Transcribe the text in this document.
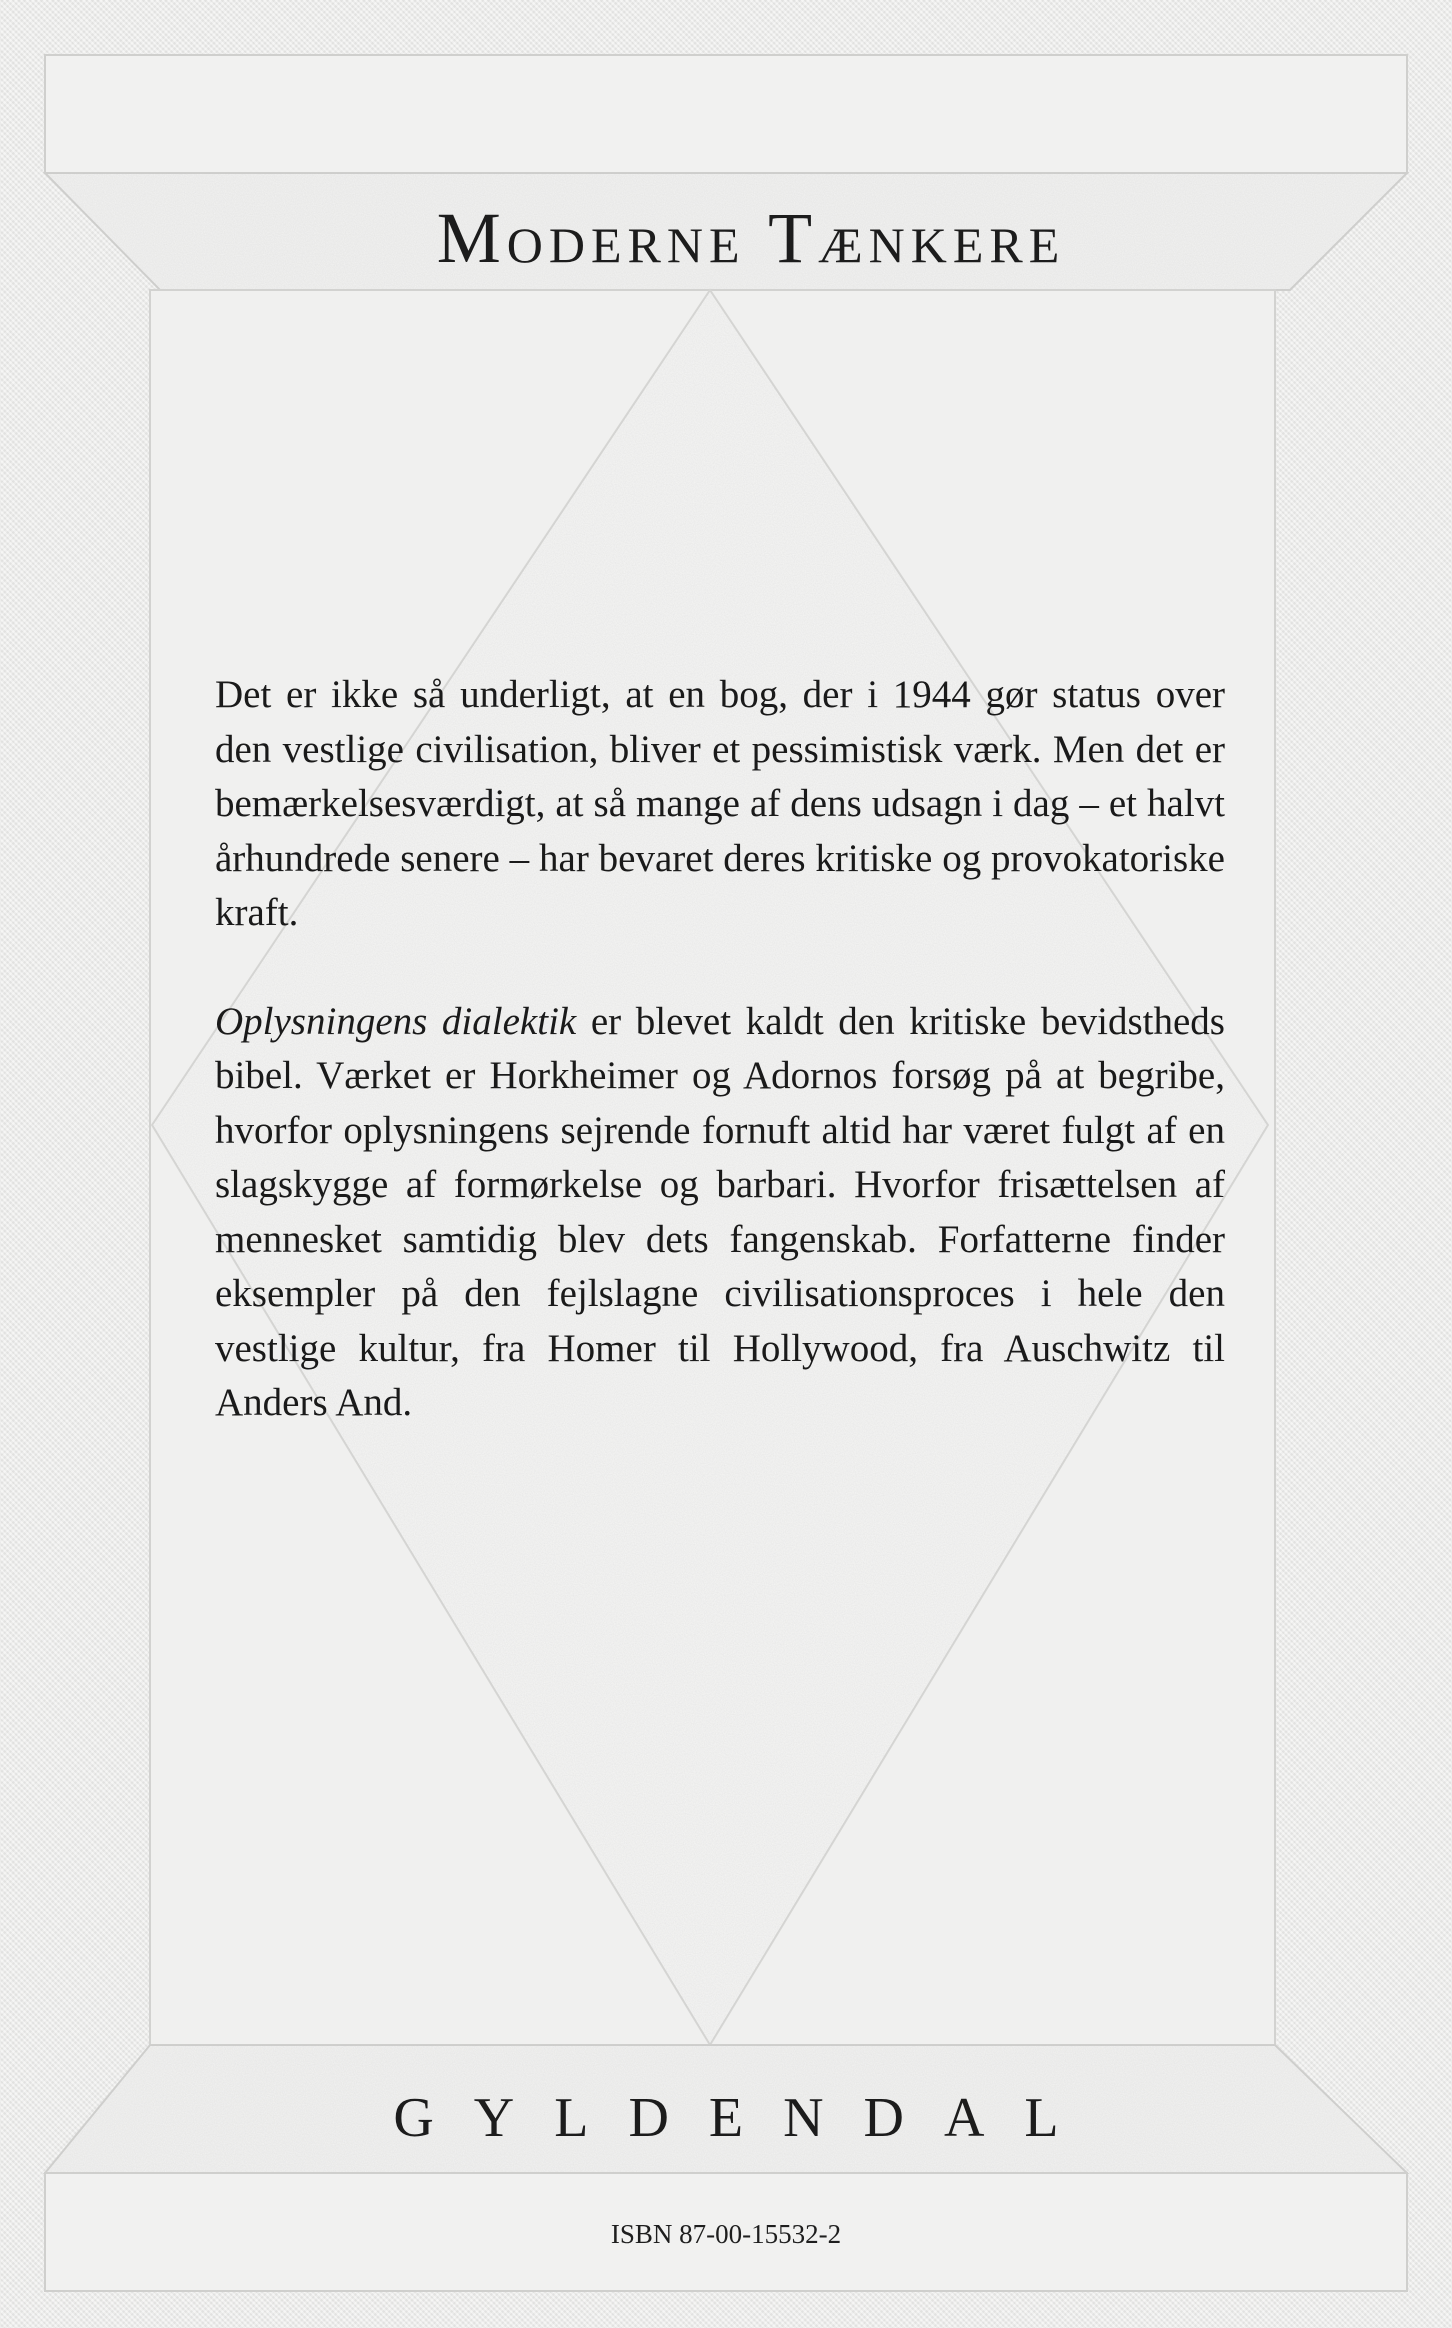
Moderne Tænkere

Det er ikke så underligt, at en bog, der i 1944 gør status over den vestlige civilisation, bliver et pessimistisk værk. Men det er bemærkelsesværdigt, at så mange af dens udsagn i dag – et halvt århundrede senere – har bevaret deres kritiske og provokatoriske kraft.

Oplysningens dialektik er blevet kaldt den kritiske bevidstheds bibel. Værket er Horkheimer og Adornos forsøg på at begribe, hvorfor oplysningens sejrende fornuft altid har været fulgt af en slagskygge af formørkelse og barbari. Hvorfor frisættelsen af mennesket samtidig blev dets fangenskab. Forfatterne finder eksempler på den fejlslagne civilisationsproces i hele den vestlige kultur, fra Homer til Hollywood, fra Auschwitz til Anders And.

GYLDENDAL
ISBN 87-00-15532-2
